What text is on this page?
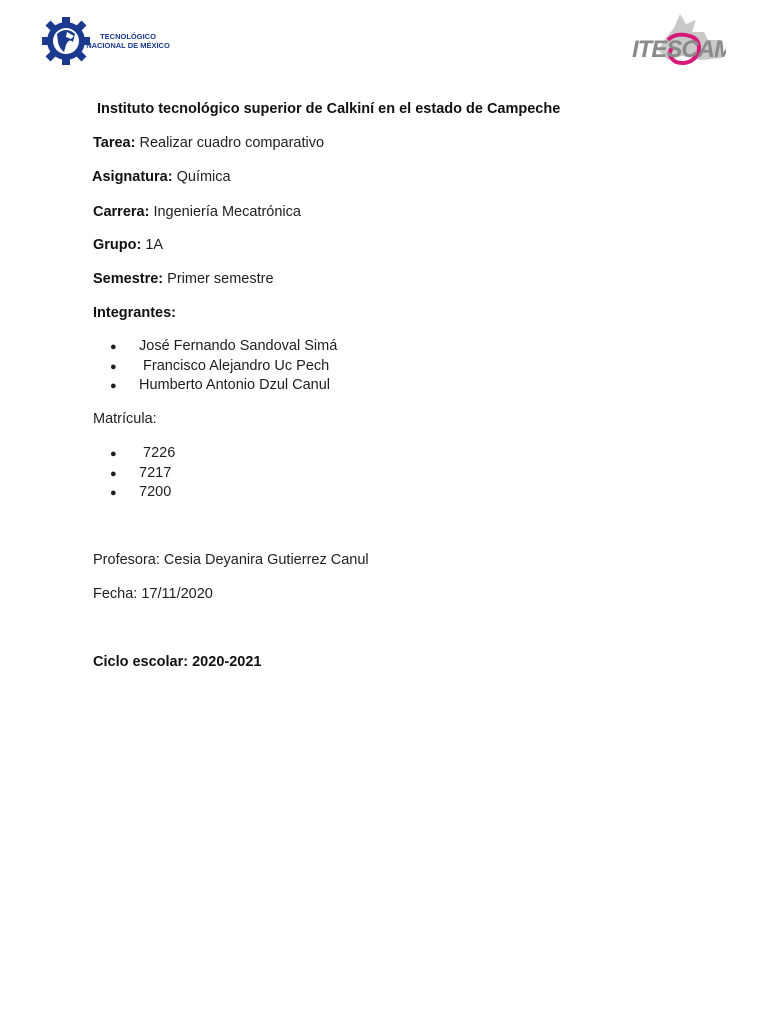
TECNOLÓGICO
NACIONAL DE MÉXICO	ITESCAM
Instituto tecnológico superior de Calkiní en el estado de Campeche
Tarea: Realizar cuadro comparativo
Asignatura: Química
Carrera: Ingeniería Mecatrónica
Grupo: 1A
Semestre: Primer semestre
Integrantes:
● José Fernando Sandoval Simá
● Francisco Alejandro Uc Pech
● Humberto Antonio Dzul Canul
Matrícula:
● 7226
● 7217
● 7200
Profesora: Cesia Deyanira Gutierrez Canul
Fecha: 17/11/2020
Ciclo escolar: 2020-2021
